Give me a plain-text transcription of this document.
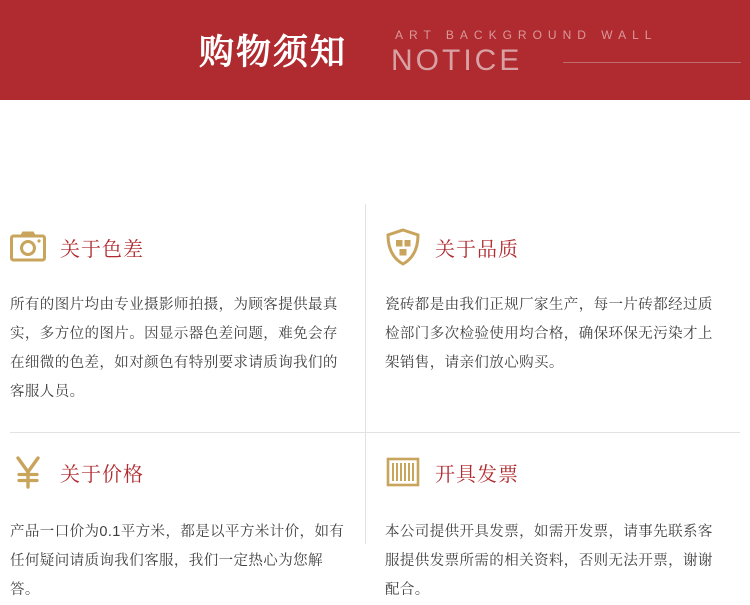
购物须知	ART BACKGROUND WALL
NOTICE
关于色差
所有的图片均由专业摄影师拍摄，为顾客提供最真实，多方位的图片。因显示器色差问题，难免会存在细微的色差，如对颜色有特别要求请质询我们的客服人员。
关于品质
瓷砖都是由我们正规厂家生产，每一片砖都经过质检部门多次检验使用均合格，确保环保无污染才上架销售，请亲们放心购买。
关于价格
产品一口价为0.1平方米，都是以平方米计价，如有任何疑问请质询我们客服，我们一定热心为您解答。
开具发票
本公司提供开具发票，如需开发票，请事先联系客服提供发票所需的相关资料，否则无法开票，谢谢配合。
